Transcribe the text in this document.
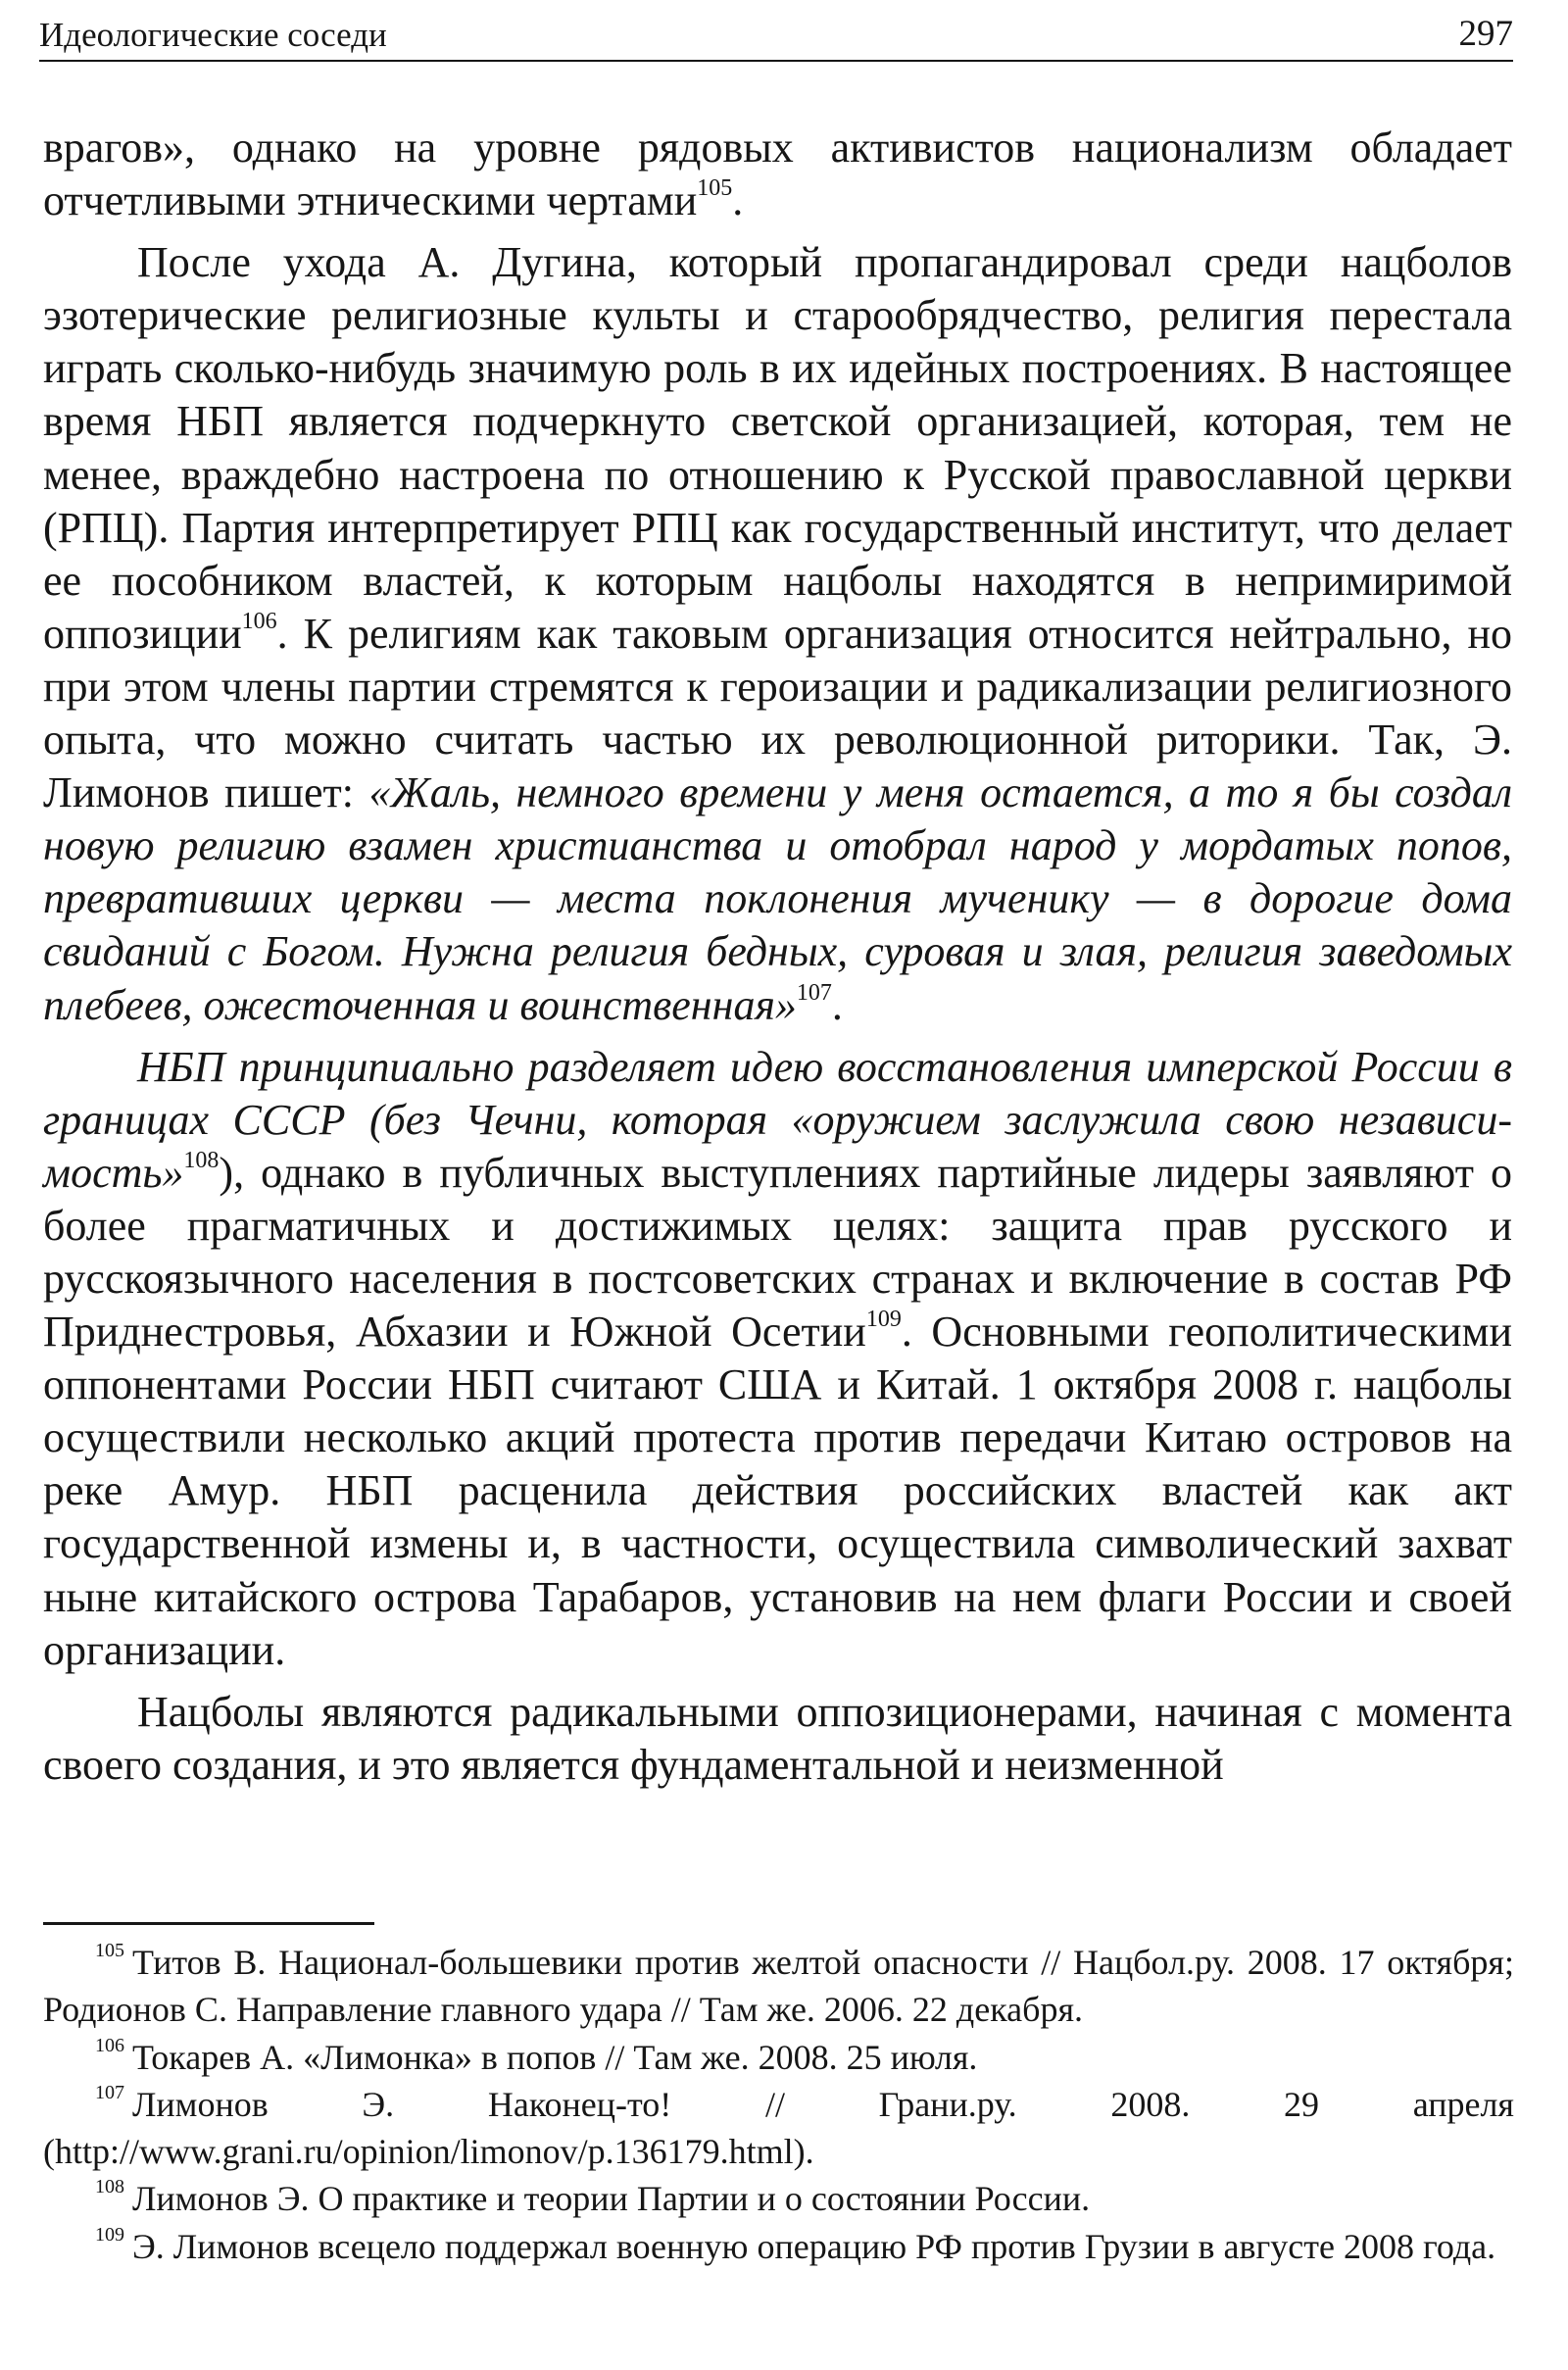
Идеологические соседи	297

врагов», однако на уровне рядовых активистов национализм обладает отчетливыми этническими чертами$^{105}$.

После ухода А. Дугина, который пропагандировал среди нацболов эзотерические религиозные культы и старообрядчество, религия перестала играть сколько-нибудь значимую роль в их идейных построениях. В настоящее время НБП является подчеркнуто светской организацией, которая, тем не менее, враждебно настроена по отношению к Русской православной церкви (РПЦ). Партия интерпретирует РПЦ как государственный институт, что делает ее пособником властей, к которым нацболы находятся в непримиримой оппозиции$^{106}$. К религиям как таковым организация относится нейтрально, но при этом члены партии стремятся к героизации и радикализации религиозного опыта, что можно считать частью их революционной риторики. Так, Э. Лимонов пишет: «Жаль, немного времени у меня остается, а то я бы создал новую религию взамен христианства и отобрал народ у мордатых попов, превративших церкви — места поклонения мученику — в дорогие дома свиданий с Богом. Нужна религия бедных, суровая и злая, религия заведомых плебеев, ожесточенная и воинственная»$^{107}$.

НБП принципиально разделяет идею восстановления имперской России в границах СССР (без Чечни, которая «оружием заслужила свою независимость»$^{108}$), однако в публичных выступлениях партийные лидеры заявляют о более прагматичных и достижимых целях: защита прав русского и русскоязычного населения в постсоветских странах и включение в состав РФ Приднестровья, Абхазии и Южной Осетии$^{109}$. Основными геополитическими оппонентами России НБП считают США и Китай. 1 октября 2008 г. нацболы осуществили несколько акций протеста против передачи Китаю островов на реке Амур. НБП расценила действия российских властей как акт государственной измены и, в частности, осуществила символический захват ныне китайского острова Тарабаров, установив на нем флаги России и своей организации.

Нацболы являются радикальными оппозиционерами, начиная с момента своего создания, и это является фундаментальной и неизменной

$^{105}$ Титов В. Национал-большевики против желтой опасности // Нацбол.ру. 2008. 17 октября; Родионов С. Направление главного удара // Там же. 2006. 22 декабря.

$^{106}$ Токарев А. «Лимонка» в попов // Там же. 2008. 25 июля.

$^{107}$ Лимонов Э. Наконец-то! // Грани.ру. 2008. 29 апреля (http://www.grani.ru/opinion/limonov/p.136179.html).

$^{108}$ Лимонов Э. О практике и теории Партии и о состоянии России.

$^{109}$ Э. Лимонов всецело поддержал военную операцию РФ против Грузии в августе 2008 года.
